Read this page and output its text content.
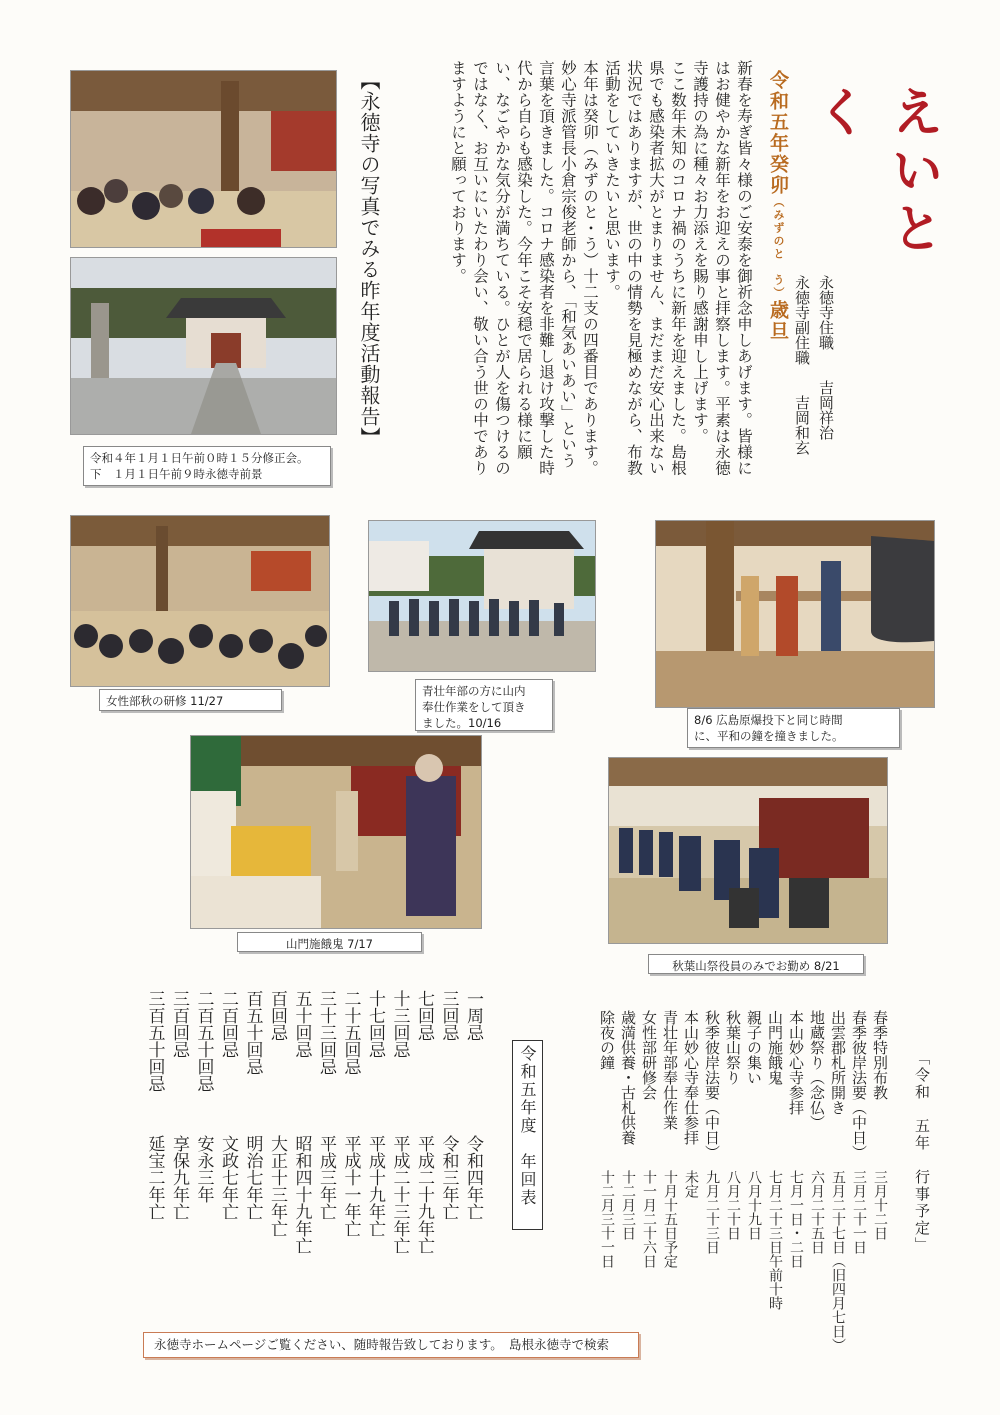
えいとく
永徳寺住職　　吉岡祥治
永徳寺副住職　　吉岡和玄
令和五年癸卯（みずのと　う）歳旦

新春を寿ぎ皆々様のご安泰を御祈念申しあげます。皆様にはお健やかな新年をお迎えの事と拝察します。平素は永徳寺護持の為に種々お力添えを賜り感謝申し上げます。

ここ数年未知のコロナ禍のうちに新年を迎えました。島根県でも感染者拡大がとまりません、まだまだ安心出来ない状況ではありますが、世の中の情勢を見極めながら、布教活動をしていきたいと思います。

本年は癸卯（みずのと・う）十二支の四番目であります。妙心寺派管長小倉宗俊老師から、「和気あいあい」という言葉を頂きました。コロナ感染者を非難し退け攻撃した時代から自らも感染した。今年こそ安穏で居られる様に願い、なごやかな気分が満ちている。ひとが人を傷つけるのではなく、お互いにいたわり会い、敬い合う世の中でありますようにと願っております。

【永徳寺の写真でみる昨年度活動報告】
令和４年１月１日午前０時１５分修正会。
下　１月１日午前９時永徳寺前景
女性部秋の研修 11/27
青壮年部の方に山内
奉仕作業をして頂き
ました。10/16	8/6 広島原爆投下と同じ時間
に、平和の鐘を撞きました。
山門施餓鬼 7/17
秋葉山祭役員のみでお勤め 8/21
「令和　五年　行事予定」
春季特別布教
春季彼岸法要（中日）
出雲郡札所開き
地蔵祭り（念仏）
本山妙心寺参拝
山門施餓鬼
親子の集い
秋葉山祭り
秋季彼岸法要（中日）
本山妙心寺奉仕参拝
青壮年部奉仕作業
女性部研修会
歳満供養・古札供養
除夜の鐘
三月十二日
三月二十一日
五月二十七日（旧四月七日）
六月二十五日
七月一日・二日
七月二十三日午前十時
八月十九日
八月二十日
九月二十三日
未定
十月十五日予定
十一月二十六日
十二月三日
十二月三十一日
令和五年度　年回表
一周忌
三回忌
七回忌
十三回忌
十七回忌
二十五回忌
三十三回忌
五十回忌
百回忌
百五十回忌
二百回忌
二百五十回忌
三百回忌
三百五十回忌
令和四年亡
令和三年亡
平成二十九年亡
平成二十三年亡
平成十九年亡
平成十一年亡
平成三年亡
昭和四十九年亡
大正十三年亡
明治七年亡
文政七年亡
安永三年
享保九年亡
延宝二年亡
永徳寺ホームページご覧ください、随時報告致しております。　島根永徳寺で検索
